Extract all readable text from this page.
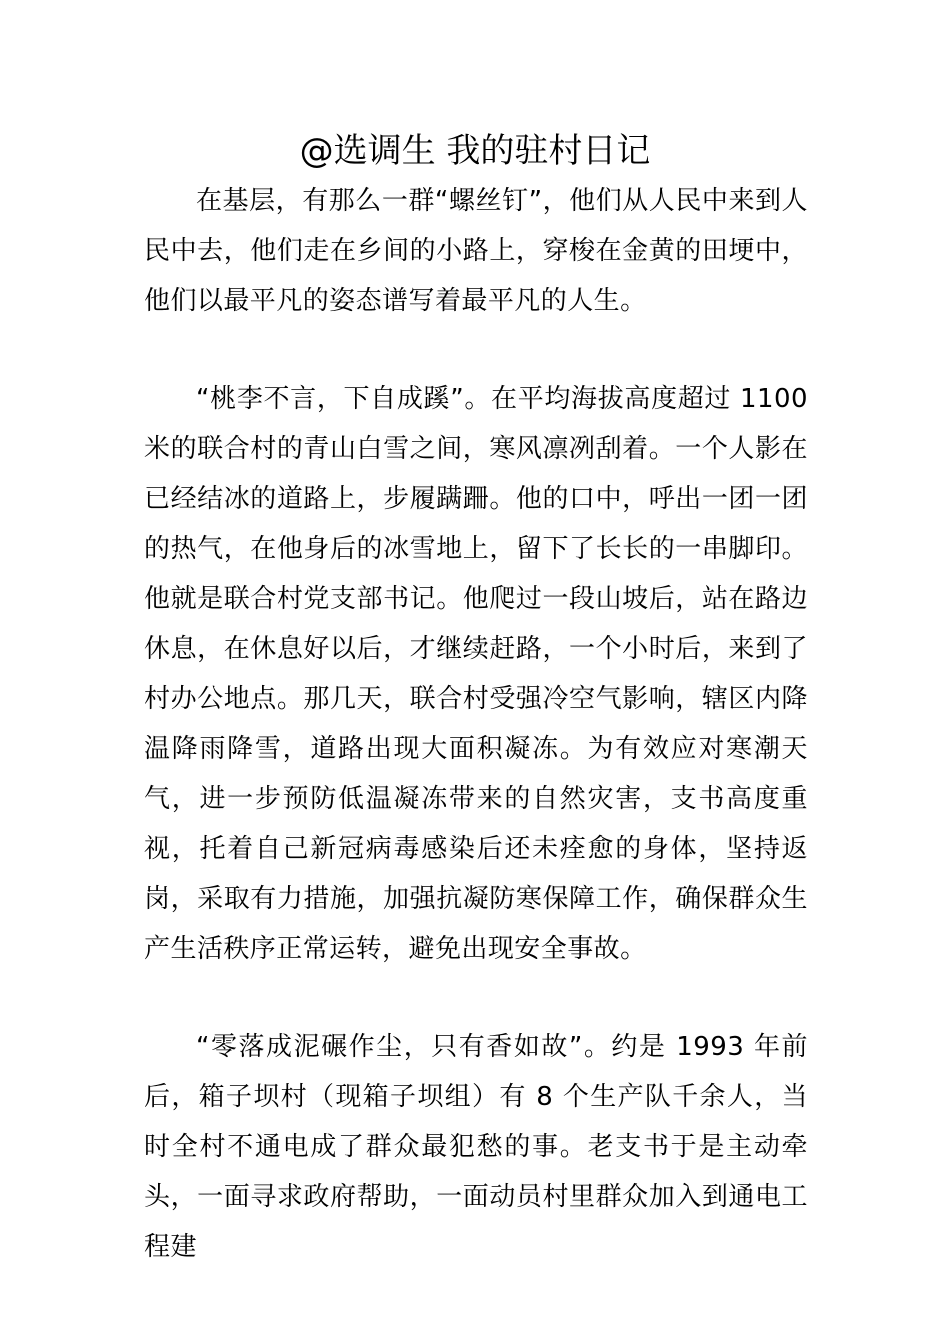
@选调生 我的驻村日记

在基层，有那么一群“螺丝钉”，他们从人民中来到人民中去，他们走在乡间的小路上，穿梭在金黄的田埂中，他们以最平凡的姿态谱写着最平凡的人生。

“桃李不言，下自成蹊”。在平均海拔高度超过 1100 米的联合村的青山白雪之间，寒风凛冽刮着。一个人影在已经结冰的道路上，步履蹒跚。他的口中，呼出一团一团的热气，在他身后的冰雪地上，留下了长长的一串脚印。他就是联合村党支部书记。他爬过一段山坡后，站在路边休息，在休息好以后，才继续赶路，一个小时后，来到了村办公地点。那几天，联合村受强冷空气影响，辖区内降温降雨降雪，道路出现大面积凝冻。为有效应对寒潮天气，进一步预防低温凝冻带来的自然灾害，支书高度重视，托着自己新冠病毒感染后还未痊愈的身体，坚持返岗，采取有力措施，加强抗凝防寒保障工作，确保群众生产生活秩序正常运转，避免出现安全事故。

“零落成泥碾作尘，只有香如故”。约是 1993 年前后，箱子坝村（现箱子坝组）有 8 个生产队千余人，当时全村不通电成了群众最犯愁的事。老支书于是主动牵头，一面寻求政府帮助，一面动员村里群众加入到通电工程建
